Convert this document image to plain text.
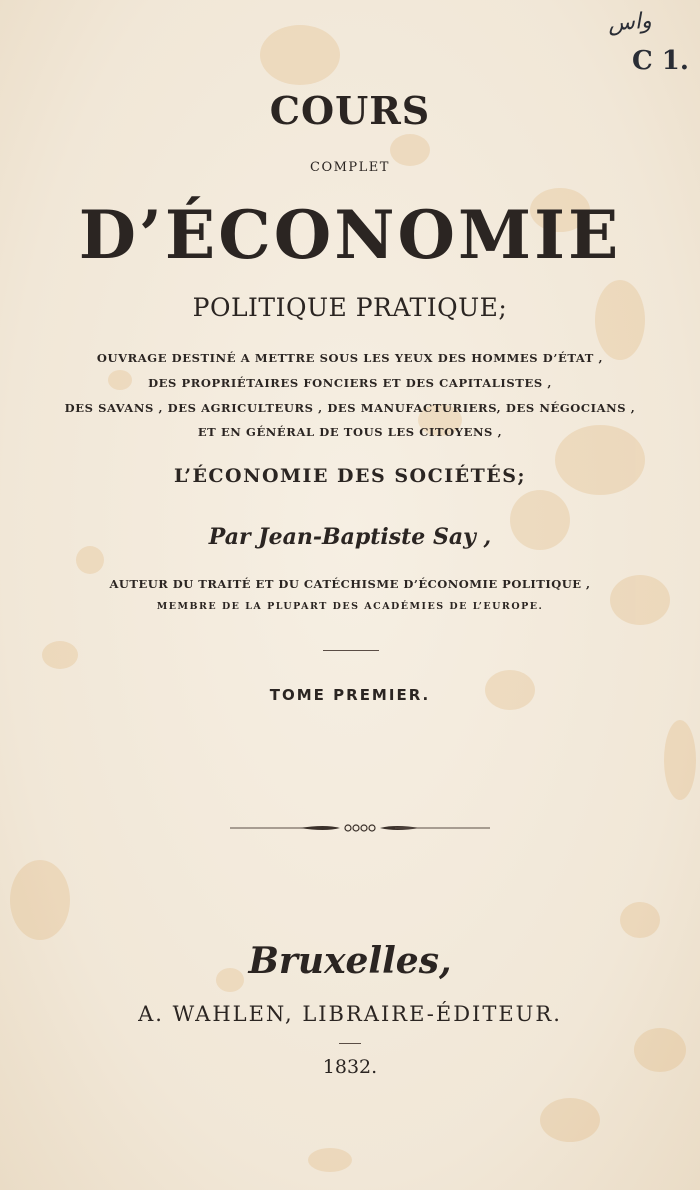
واس
C 1.
COURS
COMPLET
D’ÉCONOMIE
POLITIQUE PRATIQUE;
OUVRAGE DESTINÉ A METTRE SOUS LES YEUX DES HOMMES D’ÉTAT ,
DES PROPRIÉTAIRES FONCIERS ET DES CAPITALISTES ,
DES SAVANS , DES AGRICULTEURS , DES MANUFACTURIERS, DES NÉGOCIANS ,
ET EN GÉNÉRAL DE TOUS LES CITOYENS ,
L’ÉCONOMIE DES SOCIÉTÉS;
Par Jean-Baptiste Say ,
AUTEUR DU TRAITÉ ET DU CATÉCHISME D’ÉCONOMIE POLITIQUE ,
MEMBRE DE LA PLUPART DES ACADÉMIES DE L’EUROPE.
TOME PREMIER.
Bruxelles,
A. WAHLEN, LIBRAIRE-ÉDITEUR.
1832.
